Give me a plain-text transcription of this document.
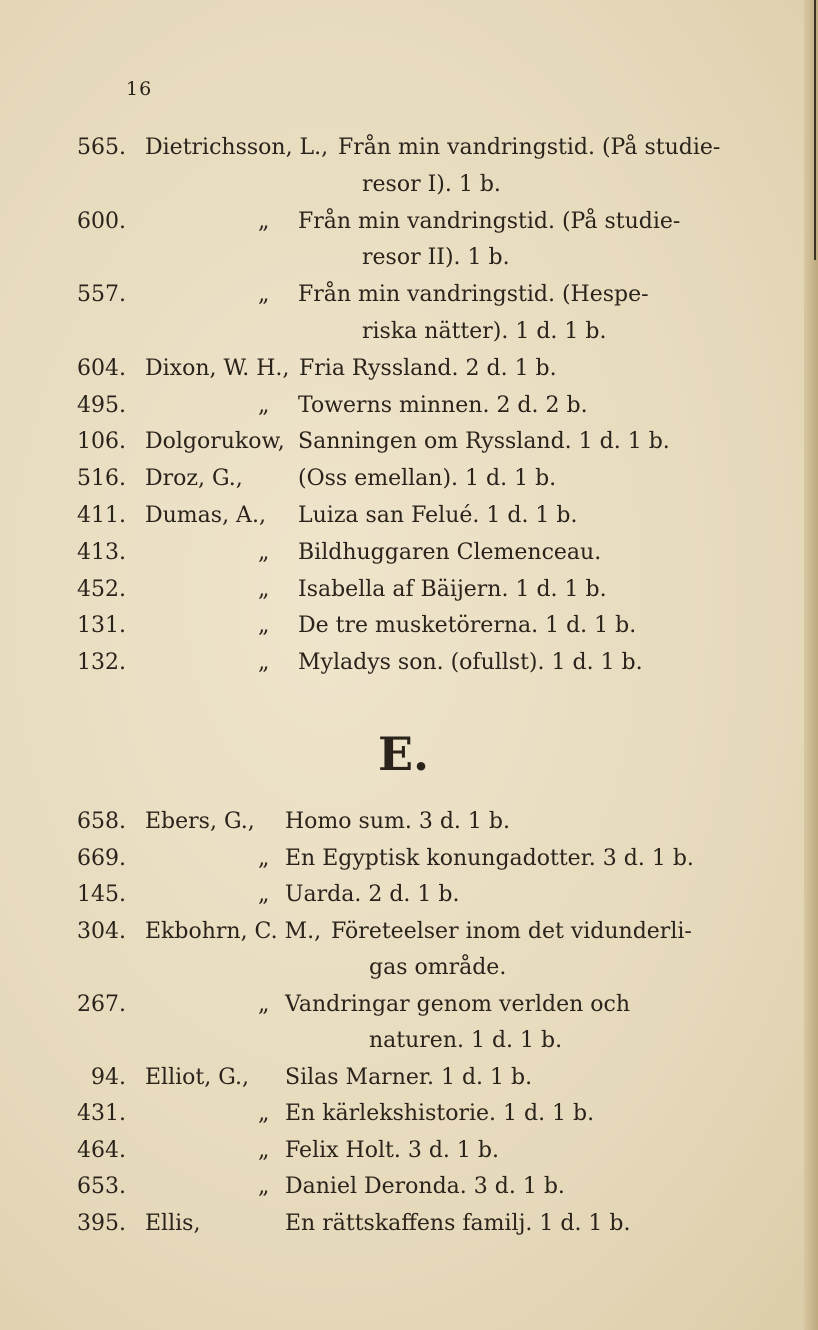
16
565. Dietrichsson, L., Från min vandringstid. (På studie-
resor I). 1 b.
600.	„ Från min vandringstid. (På studie-
resor II). 1 b.
557.	„ Från min vandringstid. (Hespe-
riska nätter). 1 d. 1 b.
604. Dixon, W. H., Fria Ryssland. 2 d. 1 b.
495.	„ Towerns minnen. 2 d. 2 b.
106. Dolgorukow, Sanningen om Ryssland. 1 d. 1 b.
516. Droz, G.,	(Oss emellan). 1 d. 1 b.
411. Dumas, A., Luiza san Felué. 1 d. 1 b.
413.	„ Bildhuggaren Clemenceau.
452.	„ Isabella af Bäijern. 1 d. 1 b.
131.	„ De tre musketörerna. 1 d. 1 b.
132.	„ Myladys son. (ofullst). 1 d. 1 b.
E.
658. Ebers, G., Homo sum. 3 d. 1 b.
669.	„ En Egyptisk konungadotter. 3 d. 1 b.
145.	„ Uarda. 2 d. 1 b.
304. Ekbohrn, C. M., Företeelser inom det vidunderli-
gas område.
267.	„ Vandringar genom verlden och
naturen. 1 d. 1 b.
94. Elliot, G., Silas Marner. 1 d. 1 b.
431.	„ En kärlekshistorie. 1 d. 1 b.
464.	„ Felix Holt. 3 d. 1 b.
653.	„ Daniel Deronda. 3 d. 1 b.
395. Ellis,	En rättskaffens familj. 1 d. 1 b.
